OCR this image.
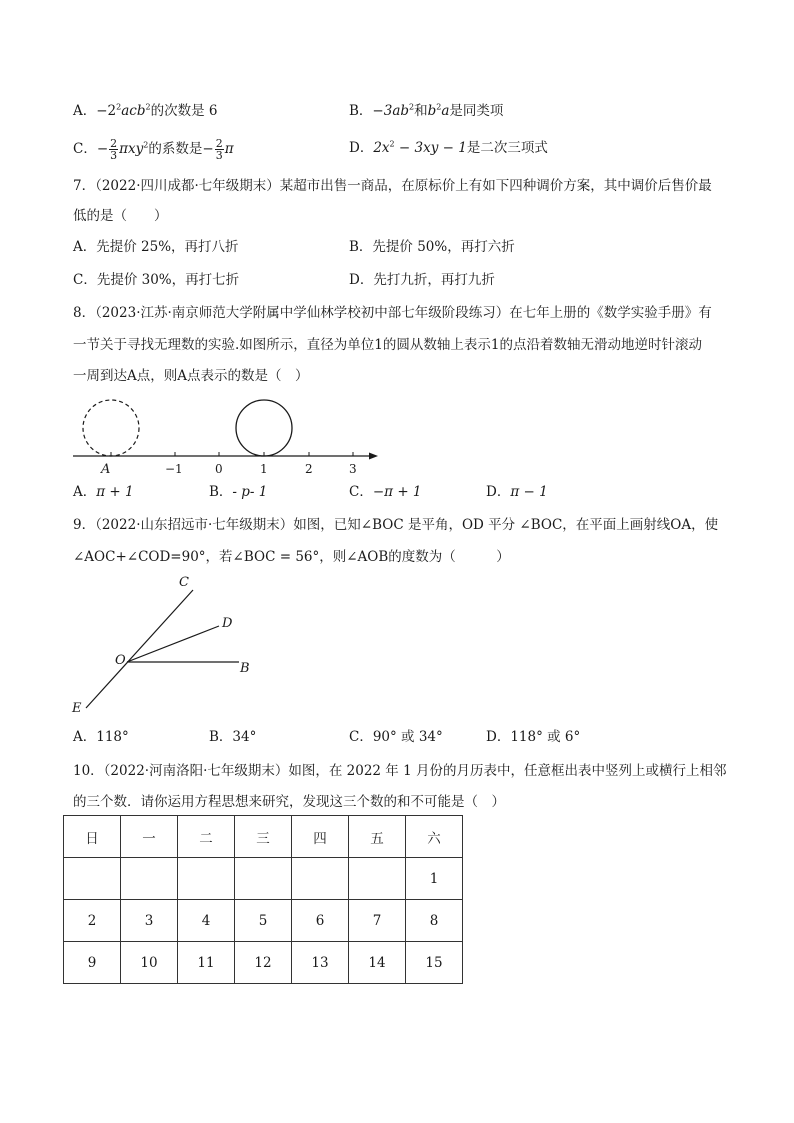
A．$-2^2acb^2$的次数是 6	B．$-3ab^2$和$b^2a$是同类项
C．− $\frac{2}{3} \pi xy^2$的系数是− $\frac{2}{3}$ π	D．$2x^2 - 3xy - 1$是二次三项式
7．（2022·四川成都·七年级期末）某超市出售一商品，在原标价上有如下四种调价方案，其中调价后售价最
低的是（　　）
A．先提价 25%，再打八折	B．先提价 50%，再打六折
C．先提价 30%，再打七折	D．先打九折，再打九折
8．（2023·江苏·南京师范大学附属中学仙林学校初中部七年级阶段练习）在七年上册的《数学实验手册》有
一节关于寻找无理数的实验.如图所示，直径为单位1的圆从数轴上表示1的点沿着数轴无滑动地逆时针滚动
一周到达A点，则A点表示的数是（　）
A	−1	0	1	2	3
A．π + 1	B．- p- 1	C．−π + 1	D．π − 1
9．（2022·山东招远市·七年级期末）如图，已知∠BOC 是平角，OD 平分 ∠BOC，在平面上画射线OA，使
∠AOC+∠COD=90°，若∠BOC = 56°，则∠AOB的度数为（　　　）
C
D
O
B
E
A．118°	B．34°	C．90° 或 34°	D．118° 或 6°
10．（2022·河南洛阳·七年级期末）如图，在 2022 年 1 月份的月历表中，任意框出表中竖列上或横行上相邻
的三个数．请你运用方程思想来研究，发现这三个数的和不可能是（　）
日	一	二	三	四	五	六
						1
2	3	4	5	6	7	8
9	10	11	12	13	14	15
